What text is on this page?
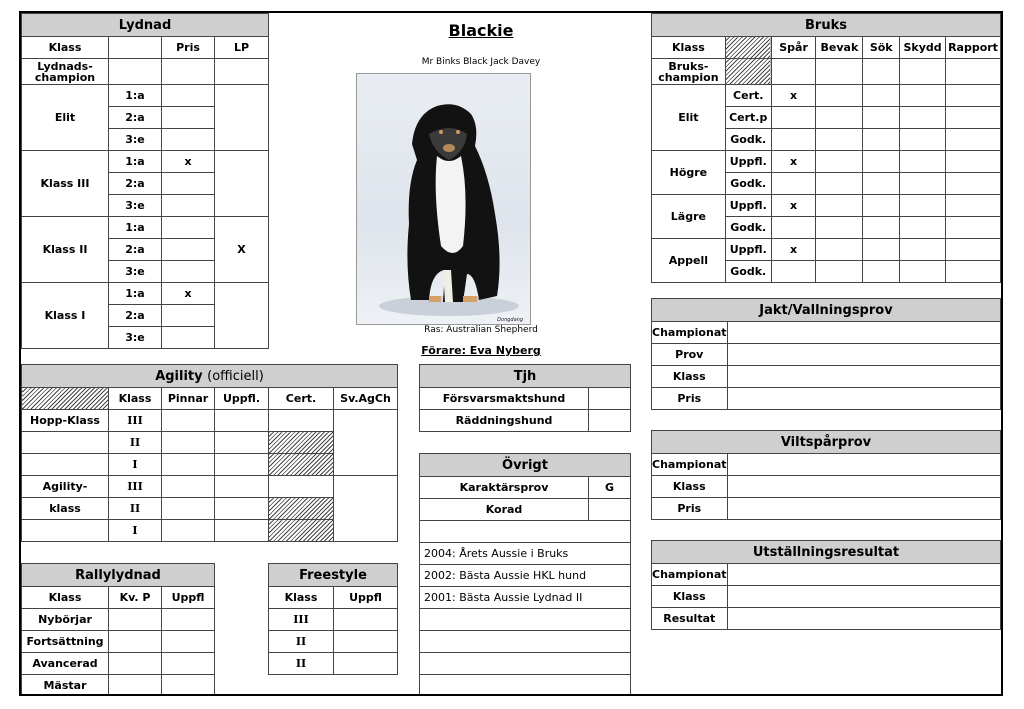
Lydnad			
Klass		Pris	LP
Lydnads-
champion			
Elit	1:a		
	2:a		
	3:e		
Klass III	1:a	x	
	2:a		
	3:e		
Klass II	1:a		X
	2:a		
	3:e		
Klass I	1:a	x	
	2:a		
	3:e		
Blackie
Mr Binks Black Jack Davey
Dongdang
Ras: Australian Shepherd
Förare: Eva Nyberg
Bruks						
Klass		Spår	Bevak	Sök	Skydd	Rapport
Bruks-
champion						
Elit	Cert.	x				
	Cert.p					
	Godk.					
Högre	Uppfl.	x				
	Godk.					
Lägre	Uppfl.	x				
	Godk.					
Appell	Uppfl.	x				
	Godk.					
Jakt/Vallningsprov	
Championat	
Prov	
Klass	
Pris	
Viltspårprov	
Championat	
Klass	
Pris	
Utställningsresultat	
Championat	
Klass	
Resultat	
Agility (officiell)					
	Klass	Pinnar	Uppfl.	Cert.	Sv.AgCh
Hopp-Klass	III				
	II				
	I				
Agility-	III				
klass	II				
	I				
Tjh	
Försvarsmaktshund	
Räddningshund	
Övrigt	
Karaktärsprov	G
Korad	

2004: Årets Aussie i Bruks	
2002: Bästa Aussie HKL hund	
2001: Bästa Aussie Lydnad II	

Rallylydnad		
Klass	Kv. P	Uppfl
Nybörjar		
Fortsättning		
Avancerad		
Mästar		
Freestyle	
Klass	Uppfl
III	
II	
II	
